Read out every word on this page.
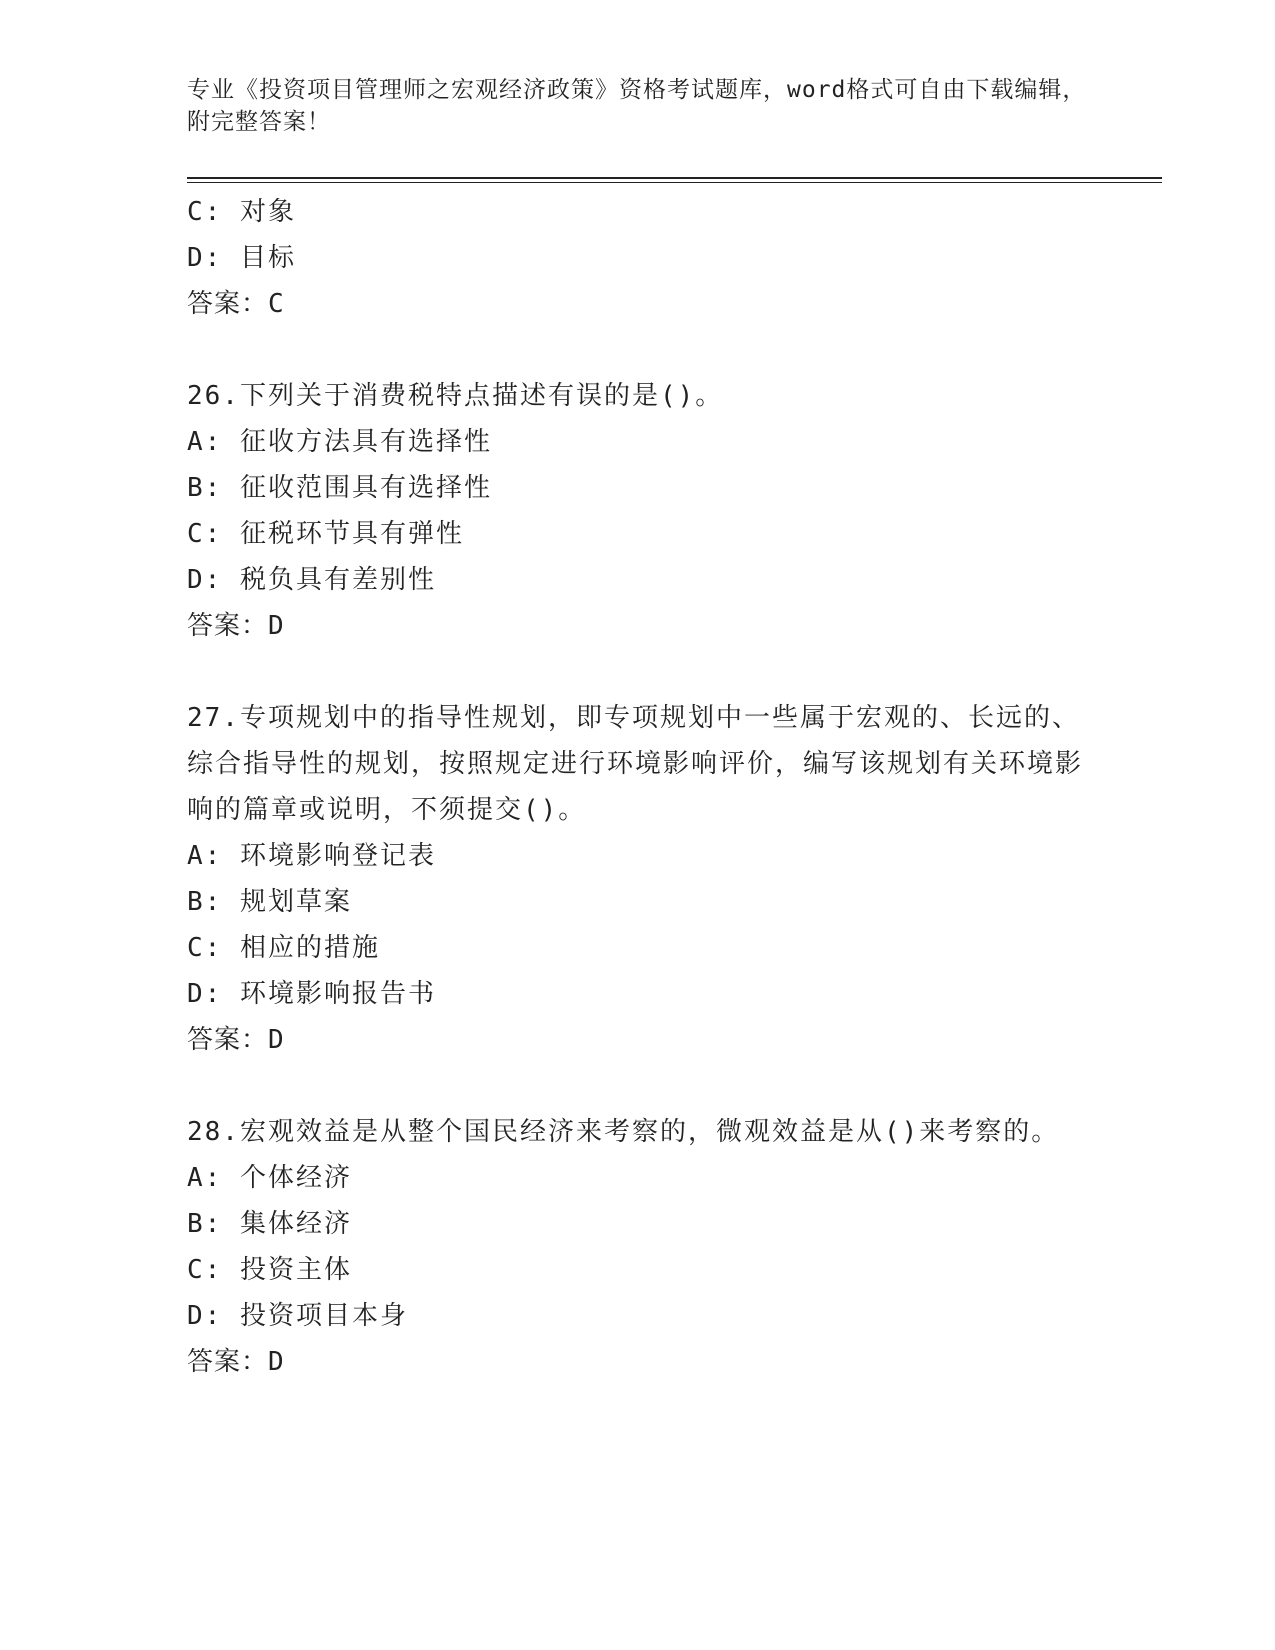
专业《投资项目管理师之宏观经济政策》资格考试题库，word格式可自由下载编辑，附完整答案！
C: 对象
D: 目标
答案：C
26.下列关于消费税特点描述有误的是()。
A: 征收方法具有选择性
B: 征收范围具有选择性
C: 征税环节具有弹性
D: 税负具有差别性
答案：D
27.专项规划中的指导性规划，即专项规划中一些属于宏观的、长远的、综合指导性的规划，按照规定进行环境影响评价，编写该规划有关环境影响的篇章或说明，不须提交()。
A: 环境影响登记表
B: 规划草案
C: 相应的措施
D: 环境影响报告书
答案：D
28.宏观效益是从整个国民经济来考察的，微观效益是从()来考察的。
A: 个体经济
B: 集体经济
C: 投资主体
D: 投资项目本身
答案：D
